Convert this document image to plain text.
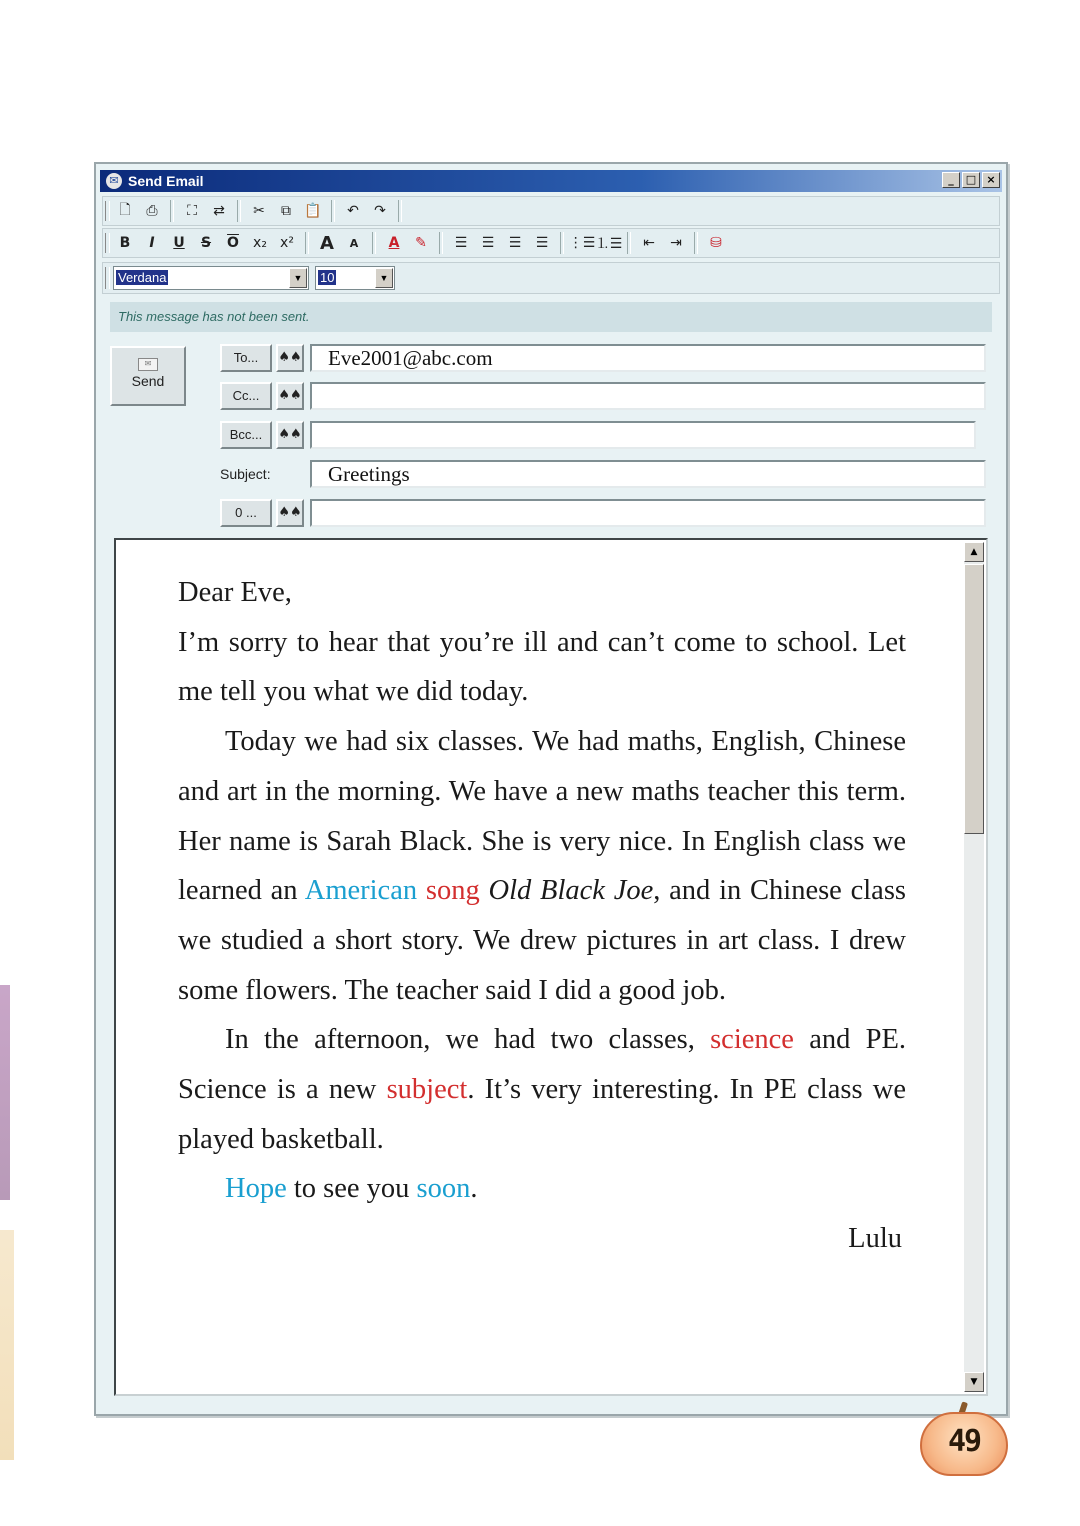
✉ Send Email	_	□ ×
🗋	⎙	⛶	⇄	✂	⧉ 📋	↶	↷
B	I	U	S	$\overline{O}$	x₂ x² A	A	A	✎	☰	☰	☰	☰	⋮☰ ⒈☰	⇤	⇥	⛁
Verdana	▼	10	▼
This message has not been sent.
✉
Send
To...	♠♠	Eve2001@abc.com
Cc...	♠♠
Bcc...	♠♠
Subject:	Greetings
0 ...	♠♠

Dear Eve,

I’m sorry to hear that you’re ill and can’t come to school. Let me tell you what we did today.

Today we had six classes. We had maths, English, Chinese and art in the morning. We have a new maths teacher this term. Her name is Sarah Black. She is very nice. In English class we learned an American song Old Black Joe, and in Chinese class we studied a short story. We drew pictures in art class. I drew some flowers. The teacher said I did a good job.

In the afternoon, we had two classes, science and PE. Science is a new subject. It’s very interesting. In PE class we played basketball.

Hope to see you soon.

Lulu

▲
▼
49
